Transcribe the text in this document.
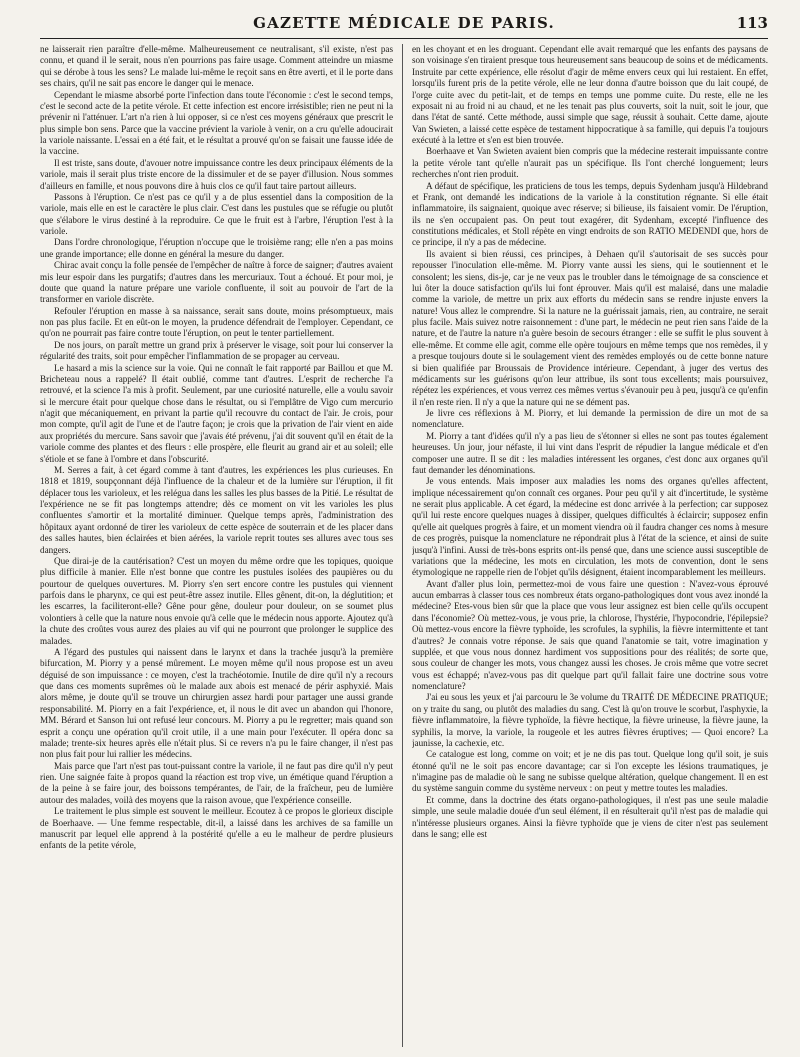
GAZETTE MÉDICALE DE PARIS.	113

ne laisserait rien paraître d'elle-même. Malheureusement ce neutralisant, s'il existe, n'est pas connu, et quand il le serait, nous n'en pourrions pas faire usage. Comment atteindre un miasme qui se dérobe à tous les sens? Le malade lui-même le reçoit sans en être averti, et il le porte dans ses chairs, qu'il ne sait pas encore le danger qui le menace.

Cependant le miasme absorbé porte l'infection dans toute l'économie : c'est le second temps, c'est le second acte de la petite vérole. Et cette infection est encore irrésistible; rien ne peut ni la prévenir ni l'atténuer. L'art n'a rien à lui opposer, si ce n'est ces moyens généraux que prescrit le plus simple bon sens. Parce que la vaccine prévient la variole à venir, on a cru qu'elle adoucirait la variole naissante. L'essai en a été fait, et le résultat a prouvé qu'on se faisait une fausse idée de la vaccine.

Il est triste, sans doute, d'avouer notre impuissance contre les deux principaux éléments de la variole, mais il serait plus triste encore de la dissimuler et de se payer d'illusion. Nous sommes d'ailleurs en famille, et nous pouvons dire à huis clos ce qu'il faut taire partout ailleurs.

Passons à l'éruption. Ce n'est pas ce qu'il y a de plus essentiel dans la composition de la variole, mais elle en est le caractère le plus clair. C'est dans les pustules que se réfugie ou plutôt que s'élabore le virus destiné à la reproduire. Ce que le fruit est à l'arbre, l'éruption l'est à la variole.

Dans l'ordre chronologique, l'éruption n'occupe que le troisième rang; elle n'en a pas moins une grande importance; elle donne en général la mesure du danger.

Chirac avait conçu la folle pensée de l'empêcher de naître à force de saigner; d'autres avaient mis leur espoir dans les purgatifs; d'autres dans les mercuriaux. Tout a échoué. Et pour moi, je doute que quand la nature prépare une variole confluente, il soit au pouvoir de l'art de la transformer en variole discrète.

Refouler l'éruption en masse à sa naissance, serait sans doute, moins présomptueux, mais non pas plus facile. Et en eût-on le moyen, la prudence défendrait de l'employer. Cependant, ce qu'on ne pourrait pas faire contre toute l'éruption, on peut le tenter partiellement.

De nos jours, on paraît mettre un grand prix à préserver le visage, soit pour lui conserver la régularité des traits, soit pour empêcher l'inflammation de se propager au cerveau.

Le hasard a mis la science sur la voie. Qui ne connaît le fait rapporté par Baillou et que M. Bricheteau nous a rappelé? Il était oublié, comme tant d'autres. L'esprit de recherche l'a retrouvé, et la science l'a mis à profit. Seulement, par une curiosité naturelle, elle a voulu savoir si le mercure était pour quelque chose dans le résultat, ou si l'emplâtre de Vigo cum mercurio n'agit que mécaniquement, en privant la partie qu'il recouvre du contact de l'air. Je crois, pour mon compte, qu'il agit de l'une et de l'autre façon; je crois que la privation de l'air vient en aide aux propriétés du mercure. Sans savoir que j'avais été prévenu, j'ai dit souvent qu'il en était de la variole comme des plantes et des fleurs : elle prospère, elle fleurit au grand air et au soleil; elle s'étiole et se fane à l'ombre et dans l'obscurité.

M. Serres a fait, à cet égard comme à tant d'autres, les expériences les plus curieuses. En 1818 et 1819, soupçonnant déjà l'influence de la chaleur et de la lumière sur l'éruption, il fit déplacer tous les varioleux, et les relégua dans les salles les plus basses de la Pitié. Le résultat de l'expérience ne se fit pas longtemps attendre; dès ce moment on vit les varioles les plus confluentes s'amortir et la mortalité diminuer. Quelque temps après, l'administration des hôpitaux ayant ordonné de tirer les varioleux de cette espèce de souterrain et de les placer dans des salles hautes, bien éclairées et bien aérées, la variole reprit toutes ses allures avec tous ses dangers.

Que dirai-je de la cautérisation? C'est un moyen du même ordre que les topiques, quoique plus difficile à manier. Elle n'est bonne que contre les pustules isolées des paupières ou du pourtour de quelques ouvertures. M. Piorry s'en sert encore contre les pustules qui viennent parfois dans le pharynx, ce qui est peut-être assez inutile. Elles gênent, dit-on, la déglutition; et les escarres, la faciliteront-elle? Gêne pour gêne, douleur pour douleur, on se soumet plus volontiers à celle que la nature nous envoie qu'à celle que le médecin nous apporte. Ajoutez qu'à la chute des croûtes vous aurez des plaies au vif qui ne pourront que prolonger le supplice des malades.

A l'égard des pustules qui naissent dans le larynx et dans la trachée jusqu'à la première bifurcation, M. Piorry y a pensé mûrement. Le moyen même qu'il nous propose est un aveu déguisé de son impuissance : ce moyen, c'est la trachéotomie. Inutile de dire qu'il n'y a recours que dans ces moments suprêmes où le malade aux abois est menacé de périr asphyxié. Mais alors même, je doute qu'il se trouve un chirurgien assez hardi pour partager une aussi grande responsabilité. M. Piorry en a fait l'expérience, et, il nous le dit avec un abandon qui l'honore, MM. Bérard et Sanson lui ont refusé leur concours. M. Piorry a pu le regretter; mais quand son esprit a conçu une opération qu'il croit utile, il a une main pour l'exécuter. Il opéra donc sa malade; trente-six heures après elle n'était plus. Si ce revers n'a pu le faire changer, il n'est pas non plus fait pour lui rallier les médecins.

Mais parce que l'art n'est pas tout-puissant contre la variole, il ne faut pas dire qu'il n'y peut rien. Une saignée faite à propos quand la réaction est trop vive, un émétique quand l'éruption a de la peine à se faire jour, des boissons tempérantes, de l'air, de la fraîcheur, peu de lumière autour des malades, voilà des moyens que la raison avoue, que l'expérience conseille.

Le traitement le plus simple est souvent le meilleur. Ecoutez à ce propos le glorieux disciple de Boerhaave. — Une femme respectable, dit-il, a laissé dans les archives de sa famille un manuscrit par lequel elle apprend à la postérité qu'elle a eu le malheur de perdre plusieurs enfants de la petite vérole,

en les choyant et en les droguant. Cependant elle avait remarqué que les enfants des paysans de son voisinage s'en tiraient presque tous heureusement sans beaucoup de soins et de médicaments. Instruite par cette expérience, elle résolut d'agir de même envers ceux qui lui restaient. En effet, lorsqu'ils furent pris de la petite vérole, elle ne leur donna d'autre boisson que du lait coupé, de l'orge cuite avec du petit-lait, et de temps en temps une pomme cuite. Du reste, elle ne les exposait ni au froid ni au chaud, et ne les tenait pas plus couverts, soit la nuit, soit le jour, que dans l'état de santé. Cette méthode, aussi simple que sage, réussit à souhait. Cette dame, ajoute Van Swieten, a laissé cette espèce de testament hippocratique à sa famille, qui depuis l'a toujours exécuté à la lettre et s'en est bien trouvée.

Boerhaave et Van Swieten avaient bien compris que la médecine resterait impuissante contre la petite vérole tant qu'elle n'aurait pas un spécifique. Ils l'ont cherché longuement; leurs recherches n'ont rien produit.

A défaut de spécifique, les praticiens de tous les temps, depuis Sydenham jusqu'à Hildebrand et Frank, ont demandé les indications de la variole à la constitution régnante. Si elle était inflammatoire, ils saignaient, quoique avec réserve; si bilieuse, ils faisaient vomir. De l'éruption, ils ne s'en occupaient pas. On peut tout exagérer, dit Sydenham, excepté l'influence des constitutions médicales, et Stoll répète en vingt endroits de son RATIO MEDENDI que, hors de ce principe, il n'y a pas de médecine.

Ils avaient si bien réussi, ces principes, à Dehaen qu'il s'autorisait de ses succès pour repousser l'inoculation elle-même. M. Piorry vante aussi les siens, qui le soutiennent et le consolent; les siens, dis-je, car je ne veux pas le troubler dans le témoignage de sa conscience et lui ôter la douce satisfaction qu'ils lui font éprouver. Mais qu'il est malaisé, dans une maladie comme la variole, de mettre un prix aux efforts du médecin sans se rendre injuste envers la nature! Vous allez le comprendre. Si la nature ne la guérissait jamais, rien, au contraire, ne serait plus facile. Mais suivez notre raisonnement : d'une part, le médecin ne peut rien sans l'aide de la nature, et de l'autre la nature n'a guère besoin de secours étranger : elle se suffit le plus souvent à elle-même. Et comme elle agit, comme elle opère toujours en même temps que nos remèdes, il y a presque toujours doute si le soulagement vient des remèdes employés ou de cette bonne nature si bien qualifiée par Broussais de Providence intérieure. Cependant, à juger des vertus des médicaments sur les guérisons qu'on leur attribue, ils sont tous excellents; mais poursuivez, répétez les expériences, et vous verrez ces mêmes vertus s'évanouir peu à peu, jusqu'à ce qu'enfin il n'en reste rien. Il n'y a que la nature qui ne se dément pas.

Je livre ces réflexions à M. Piorry, et lui demande la permission de dire un mot de sa nomenclature.

M. Piorry a tant d'idées qu'il n'y a pas lieu de s'étonner si elles ne sont pas toutes également heureuses. Un jour, jour néfaste, il lui vint dans l'esprit de répudier la langue médicale et d'en composer une autre. Il se dit : les maladies intéressent les organes, c'est donc aux organes qu'il faut demander les dénominations.

Je vous entends. Mais imposer aux maladies les noms des organes qu'elles affectent, implique nécessairement qu'on connaît ces organes. Pour peu qu'il y ait d'incertitude, le système ne serait plus applicable. A cet égard, la médecine est donc arrivée à la perfection; car supposez qu'il lui reste encore quelques nuages à dissiper, quelques difficultés à éclaircir; supposez enfin qu'elle ait quelques progrès à faire, et un moment viendra où il faudra changer ces noms à mesure de ces progrès, puisque la nomenclature ne répondrait plus à l'état de la science, et ainsi de suite jusqu'à l'infini. Aussi de très-bons esprits ont-ils pensé que, dans une science aussi susceptible de variations que la médecine, les mots en circulation, les mots de convention, dont le sens étymologique ne rappelle rien de l'objet qu'ils désignent, étaient incomparablement les meilleurs.

Avant d'aller plus loin, permettez-moi de vous faire une question : N'avez-vous éprouvé aucun embarras à classer tous ces nombreux états organo-pathologiques dont vous avez inondé la médecine? Etes-vous bien sûr que la place que vous leur assignez est bien celle qu'ils occupent dans l'économie? Où mettez-vous, je vous prie, la chlorose, l'hystérie, l'hypocondrie, l'épilepsie? Où mettez-vous encore la fièvre typhoïde, les scrofules, la syphilis, la fièvre intermittente et tant d'autres? Je connais votre réponse. Je sais que quand l'anatomie se tait, votre imagination y supplée, et que vous nous donnez hardiment vos suppositions pour des réalités; de sorte que, sous couleur de changer les mots, vous changez aussi les choses. Je crois même que votre secret vous est échappé; n'avez-vous pas dit quelque part qu'il fallait faire une doctrine sous votre nomenclature?

J'ai eu sous les yeux et j'ai parcouru le 3e volume du TRAITÉ DE MÉDECINE PRATIQUE; on y traite du sang, ou plutôt des maladies du sang. C'est là qu'on trouve le scorbut, l'asphyxie, la fièvre inflammatoire, la fièvre typhoïde, la fièvre hectique, la fièvre urineuse, la fièvre jaune, la syphilis, la morve, la variole, la rougeole et les autres fièvres éruptives; — Quoi encore? La jaunisse, la cachexie, etc.

Ce catalogue est long, comme on voit; et je ne dis pas tout. Quelque long qu'il soit, je suis étonné qu'il ne le soit pas encore davantage; car si l'on excepte les lésions traumatiques, je n'imagine pas de maladie où le sang ne subisse quelque altération, quelque changement. Il en est du système sanguin comme du système nerveux : on peut y mettre toutes les maladies.

Et comme, dans la doctrine des états organo-pathologiques, il n'est pas une seule maladie simple, une seule maladie douée d'un seul élément, il en résulterait qu'il n'est pas de maladie qui n'intéresse plusieurs organes. Ainsi la fièvre typhoïde que je viens de citer n'est pas seulement dans le sang; elle est
